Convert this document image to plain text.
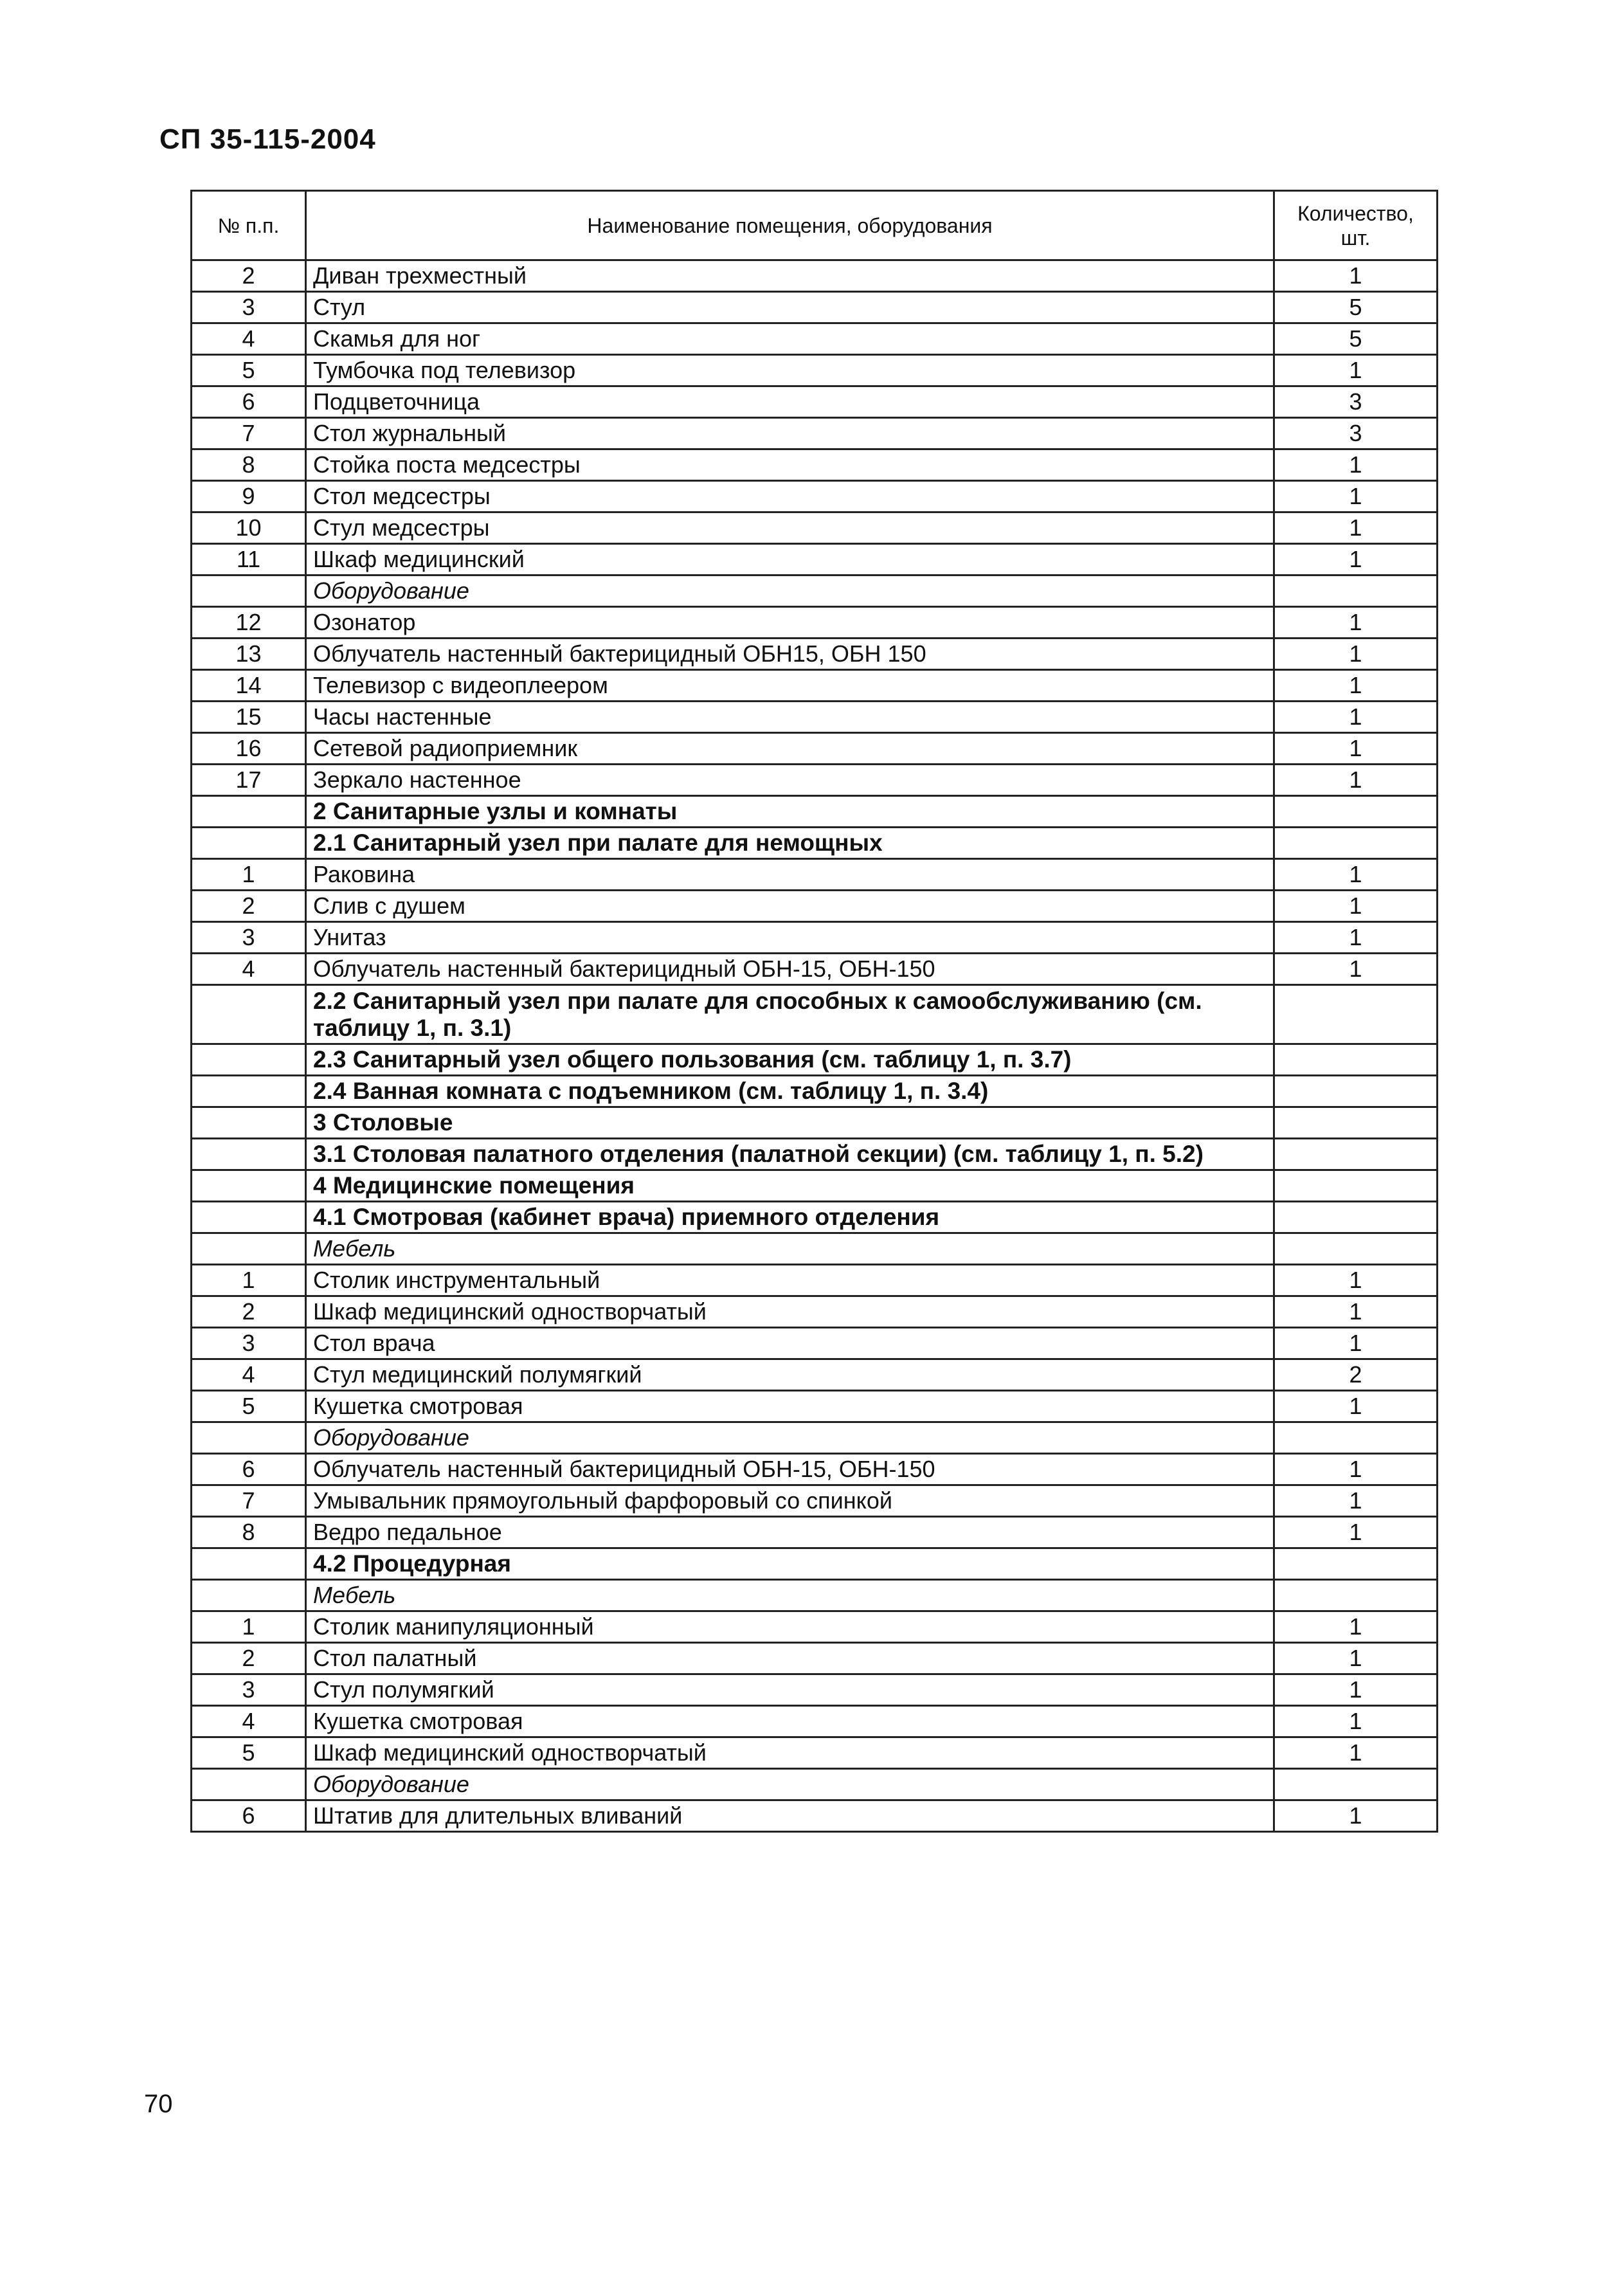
СП 35-115-2004
№ п.п.	Наименование помещения, оборудования	Количество, шт.
2	Диван трехместный	1
3	Стул	5
4	Скамья для ног	5
5	Тумбочка под телевизор	1
6	Подцветочница	3
7	Стол журнальный	3
8	Стойка поста медсестры	1
9	Стол медсестры	1
10	Стул медсестры	1
11	Шкаф медицинский	1
	Оборудование	
12	Озонатор	1
13	Облучатель настенный бактерицидный ОБН15, ОБН 150	1
14	Телевизор с видеоплеером	1
15	Часы настенные	1
16	Сетевой радиоприемник	1
17	Зеркало настенное	1
	2 Санитарные узлы и комнаты	
	2.1 Санитарный узел при палате для немощных	
1	Раковина	1
2	Слив с душем	1
3	Унитаз	1
4	Облучатель настенный бактерицидный ОБН-15, ОБН-150	1
	2.2 Санитарный узел при палате для способных к самообслуживанию (см. таблицу 1, п. 3.1)	
	2.3 Санитарный узел общего пользования (см. таблицу 1, п. 3.7)	
	2.4 Ванная комната с подъемником (см. таблицу 1, п. 3.4)	
	3 Столовые	
	3.1 Столовая палатного отделения (палатной секции) (см. таблицу 1, п. 5.2)	
	4 Медицинские помещения	
	4.1 Смотровая (кабинет врача) приемного отделения	
	Мебель	
1	Столик инструментальный	1
2	Шкаф медицинский одностворчатый	1
3	Стол врача	1
4	Стул медицинский полумягкий	2
5	Кушетка смотровая	1
	Оборудование	
6	Облучатель настенный бактерицидный ОБН-15, ОБН-150	1
7	Умывальник прямоугольный фарфоровый со спинкой	1
8	Ведро педальное	1
	4.2 Процедурная	
	Мебель	
1	Столик манипуляционный	1
2	Стол палатный	1
3	Стул полумягкий	1
4	Кушетка смотровая	1
5	Шкаф медицинский одностворчатый	1
	Оборудование	
6	Штатив для длительных вливаний	1
70
